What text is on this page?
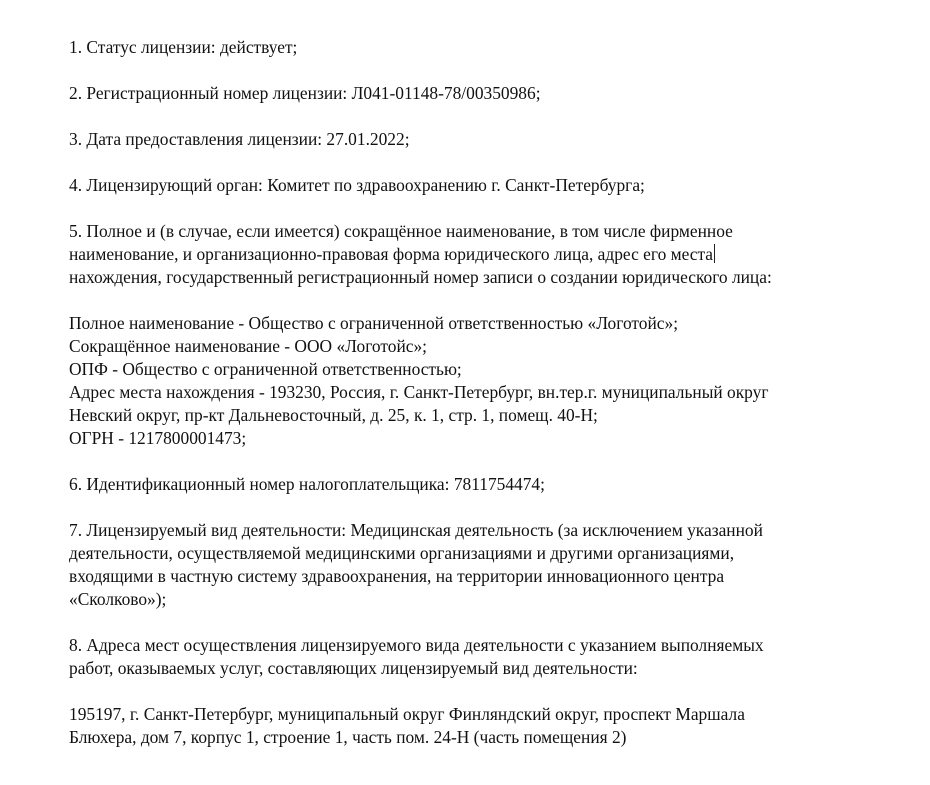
1. Статус лицензии: действует;

2. Регистрационный номер лицензии: Л041-01148-78/00350986;

3. Дата предоставления лицензии: 27.01.2022;

4. Лицензирующий орган: Комитет по здравоохранению г. Санкт-Петербурга;

5. Полное и (в случае, если имеется) сокращённое наименование, в том числе фирменное
наименование, и организационно-правовая форма юридического лица, адрес его места
нахождения, государственный регистрационный номер записи о создании юридического лица:

Полное наименование - Общество с ограниченной ответственностью «Логотойс»;
Сокращённое наименование - ООО «Логотойс»;
ОПФ - Общество с ограниченной ответственностью;
Адрес места нахождения - 193230, Россия, г. Санкт-Петербург, вн.тер.г. муниципальный округ
Невский округ, пр-кт Дальневосточный, д. 25, к. 1, стр. 1, помещ. 40-Н;
ОГРН - 1217800001473;

6. Идентификационный номер налогоплательщика: 7811754474;

7. Лицензируемый вид деятельности: Медицинская деятельность (за исключением указанной
деятельности, осуществляемой медицинскими организациями и другими организациями,
входящими в частную систему здравоохранения, на территории инновационного центра
«Сколково»);

8. Адреса мест осуществления лицензируемого вида деятельности с указанием выполняемых
работ, оказываемых услуг, составляющих лицензируемый вид деятельности:

195197, г. Санкт-Петербург, муниципальный округ Финляндский округ, проспект Маршала
Блюхера, дом 7, корпус 1, строение 1, часть пом. 24-Н (часть помещения 2)
